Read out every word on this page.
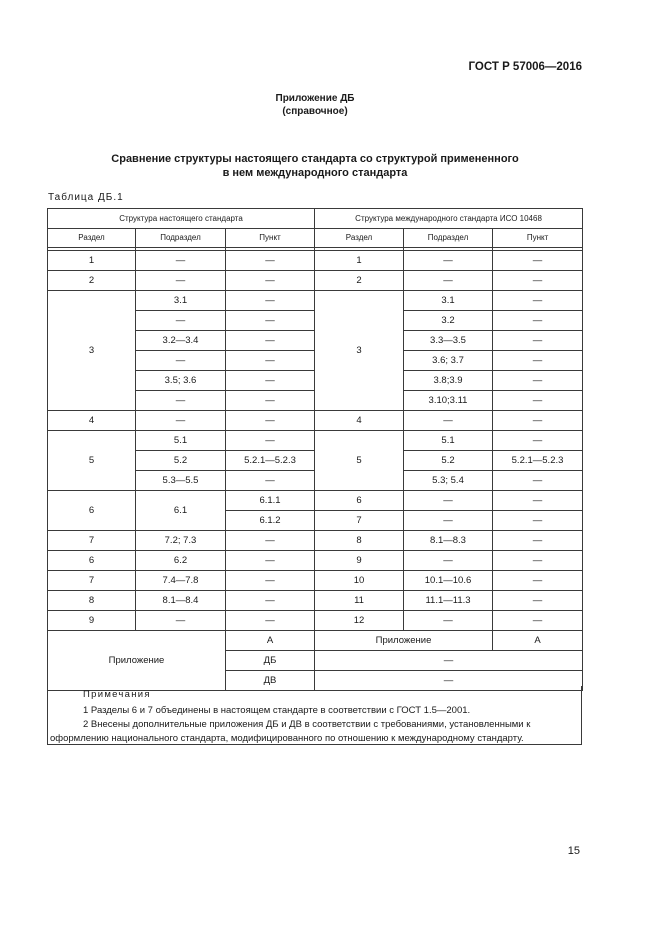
ГОСТ Р 57006—2016
Приложение ДБ
(справочное)
Сравнение структуры настоящего стандарта со структурой примененного
в нем международного стандарта
Таблица ДБ.1
Структура настоящего стандарта			Структура международного стандарта ИСО 10468		
Раздел	Подраздел	Пункт	Раздел	Подраздел	Пункт

1	—	—	1	—	—
2	—	—	2	—	—
3	3.1	—	3	3.1	—
	—	—		3.2	—
	3.2—3.4	—		3.3—3.5	—
	—	—		3.6; 3.7	—
	3.5; 3.6	—		3.8;3.9	—
	—	—		3.10;3.11	—
4	—	—	4	—	—
5	5.1	—	5	5.1	—
	5.2	5.2.1—5.2.3		5.2	5.2.1—5.2.3
	5.3—5.5	—		5.3; 5.4	—
6	6.1	6.1.1	6	—	—
		6.1.2	7	—	—
7	7.2; 7.3	—	8	8.1—8.3	—
6	6.2	—	9	—	—
7	7.4—7.8	—	10	10.1—10.6	—
8	8.1—8.4	—	11	11.1—11.3	—
9	—	—	12	—	—
Приложение		А	Приложение		А
		ДБ	—		
		ДВ	—		
Примечания
1 Разделы 6 и 7 объединены в настоящем стандарте в соответствии с ГОСТ 1.5—2001.
2 Внесены дополнительные приложения ДБ и ДВ в соответствии с требованиями, установленными к
оформлению национального стандарта, модифицированного по отношению к международному стандарту.
15
